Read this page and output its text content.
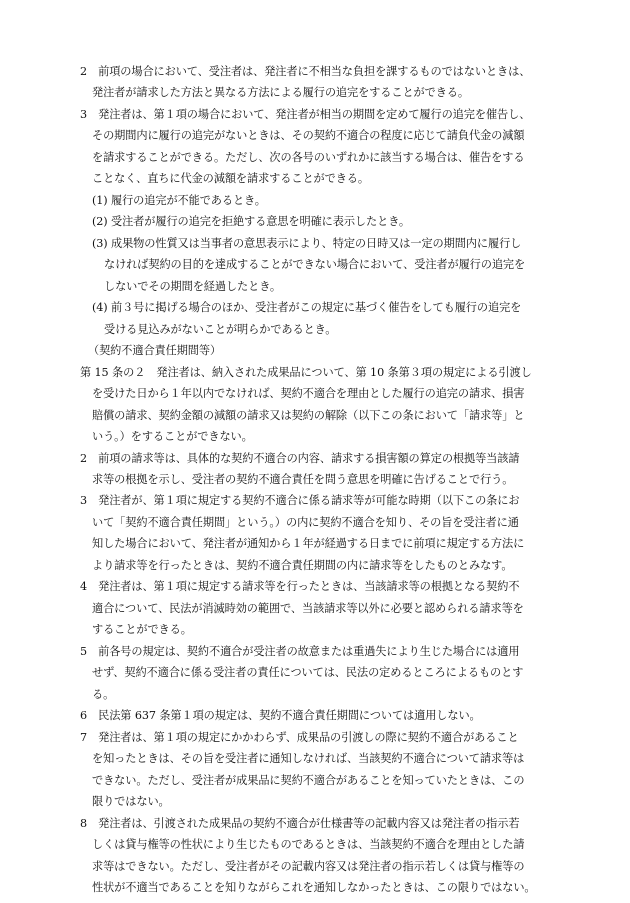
2　前項の場合において、受注者は、発注者に不相当な負担を課するものではないときは、
発注者が請求した方法と異なる方法による履行の追完をすることができる。
3　発注者は、第１項の場合において、発注者が相当の期間を定めて履行の追完を催告し、
その期間内に履行の追完がないときは、その契約不適合の程度に応じて請負代金の減額
を請求することができる。ただし、次の各号のいずれかに該当する場合は、催告をする
ことなく、直ちに代金の減額を請求することができる。
(1) 履行の追完が不能であるとき。
(2) 受注者が履行の追完を拒絶する意思を明確に表示したとき。
(3) 成果物の性質又は当事者の意思表示により、特定の日時又は一定の期間内に履行し
なければ契約の目的を達成することができない場合において、受注者が履行の追完を
しないでその期間を経過したとき。
(4) 前３号に掲げる場合のほか、受注者がこの規定に基づく催告をしても履行の追完を
受ける見込みがないことが明らかであるとき。
（契約不適合責任期間等）
第 15 条の２　発注者は、納入された成果品について、第 10 条第３項の規定による引渡し
を受けた日から１年以内でなければ、契約不適合を理由とした履行の追完の請求、損害
賠償の請求、契約金額の減額の請求又は契約の解除（以下この条において「請求等」と
いう。）をすることができない。
2　前項の請求等は、具体的な契約不適合の内容、請求する損害額の算定の根拠等当該請
求等の根拠を示し、受注者の契約不適合責任を問う意思を明確に告げることで行う。
3　発注者が、第１項に規定する契約不適合に係る請求等が可能な時期（以下この条にお
いて「契約不適合責任期間」という。）の内に契約不適合を知り、その旨を受注者に通
知した場合において、発注者が通知から１年が経過する日までに前項に規定する方法に
より請求等を行ったときは、契約不適合責任期間の内に請求等をしたものとみなす。
4　発注者は、第１項に規定する請求等を行ったときは、当該請求等の根拠となる契約不
適合について、民法が消滅時効の範囲で、当該請求等以外に必要と認められる請求等を
することができる。
5　前各号の規定は、契約不適合が受注者の故意または重過失により生じた場合には適用
せず、契約不適合に係る受注者の責任については、民法の定めるところによるものとす
る。
6　民法第 637 条第１項の規定は、契約不適合責任期間については適用しない。
7　発注者は、第１項の規定にかかわらず、成果品の引渡しの際に契約不適合があること
を知ったときは、その旨を受注者に通知しなければ、当該契約不適合について請求等は
できない。ただし、受注者が成果品に契約不適合があることを知っていたときは、この
限りではない。
8　発注者は、引渡された成果品の契約不適合が仕様書等の記載内容又は発注者の指示若
しくは貸与権等の性状により生じたものであるときは、当該契約不適合を理由とした請
求等はできない。ただし、受注者がその記載内容又は発注者の指示若しくは貸与権等の
性状が不適当であることを知りながらこれを通知しなかったときは、この限りではない。
